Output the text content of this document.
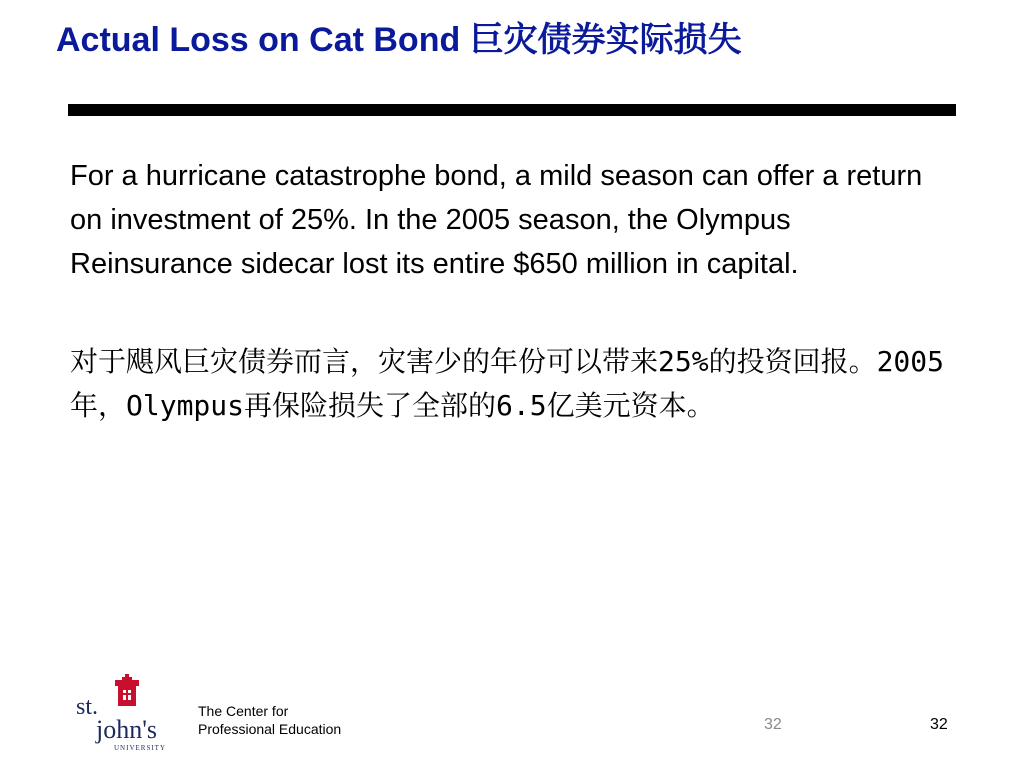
Actual Loss on Cat Bond 巨灾债券实际损失
For a hurricane catastrophe bond, a mild season can offer a return on investment of 25%. In the 2005 season, the Olympus Reinsurance sidecar lost its entire $650 million in capital.
对于飓风巨灾债券而言，灾害少的年份可以带来25%的投资回报。2005年，Olympus再保险损失了全部的6.5亿美元资本。
st.
john's
UNIVERSITY
The Center for
Professional Education	32	32
